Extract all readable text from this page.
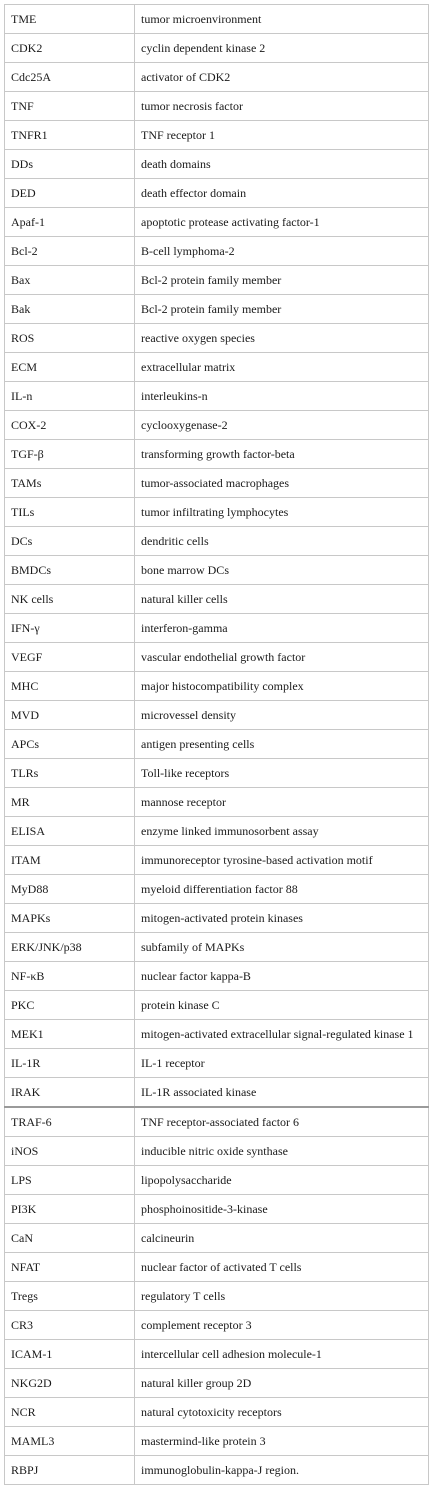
TME	tumor microenvironment
CDK2	cyclin dependent kinase 2
Cdc25A	activator of CDK2
TNF	tumor necrosis factor
TNFR1	TNF receptor 1
DDs	death domains
DED	death effector domain
Apaf-1	apoptotic protease activating factor-1
Bcl-2	B-cell lymphoma-2
Bax	Bcl-2 protein family member
Bak	Bcl-2 protein family member
ROS	reactive oxygen species
ECM	extracellular matrix
IL-n	interleukins-n
COX-2	cyclooxygenase-2
TGF-β	transforming growth factor-beta
TAMs	tumor-associated macrophages
TILs	tumor infiltrating lymphocytes
DCs	dendritic cells
BMDCs	bone marrow DCs
NK cells	natural killer cells
IFN-γ	interferon-gamma
VEGF	vascular endothelial growth factor
MHC	major histocompatibility complex
MVD	microvessel density
APCs	antigen presenting cells
TLRs	Toll-like receptors
MR	mannose receptor
ELISA	enzyme linked immunosorbent assay
ITAM	immunoreceptor tyrosine-based activation motif
MyD88	myeloid differentiation factor 88
MAPKs	mitogen-activated protein kinases
ERK/JNK/p38	subfamily of MAPKs
NF-κB	nuclear factor kappa-B
PKC	protein kinase C
MEK1	mitogen-activated extracellular signal-regulated kinase 1
IL-1R	IL-1 receptor
IRAK	IL-1R associated kinase
TRAF-6	TNF receptor-associated factor 6
iNOS	inducible nitric oxide synthase
LPS	lipopolysaccharide
PI3K	phosphoinositide-3-kinase
CaN	calcineurin
NFAT	nuclear factor of activated T cells
Tregs	regulatory T cells
CR3	complement receptor 3
ICAM-1	intercellular cell adhesion molecule-1
NKG2D	natural killer group 2D
NCR	natural cytotoxicity receptors
MAML3	mastermind-like protein 3
RBPJ	immunoglobulin-kappa-J region.
